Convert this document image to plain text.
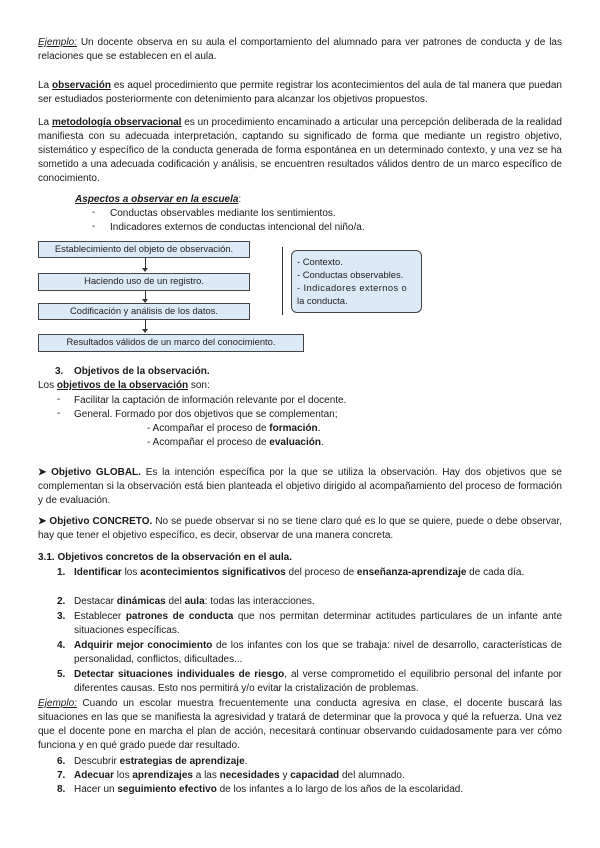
Ejemplo: Un docente observa en su aula el comportamiento del alumnado para ver patrones de conducta y de las relaciones que se establecen en el aula.

La observación es aquel procedimiento que permite registrar los acontecimientos del aula de tal manera que puedan ser estudiados posteriormente con detenimiento para alcanzar los objetivos propuestos.

La metodología observacional es un procedimiento encaminado a articular una percepción deliberada de la realidad manifiesta con su adecuada interpretación, captando su significado de forma que mediante un registro objetivo, sistemático y específico de la conducta generada de forma espontánea en un determinado contexto, y una vez se ha sometido a una adecuada codificación y análisis, se encuentren resultados válidos dentro de un marco específico de conocimiento.

Aspectos a observar en la escuela:

- Conductas observables mediante los sentimientos.

- Indicadores externos de conductas intencional del niño/a.

Establecimiento del objeto de observación.
Haciendo uso de un registro.
Codificación y análisis de los datos.
Resultados válidos de un marco del conocimiento.
- Contexto.
- Conductas observables.
- Indicadores externos o
la conducta.
3. Objetivos de la observación.

Los objetivos de la observación son:

- Facilitar la captación de información relevante por el docente.

- General. Formado por dos objetivos que se complementan;

- Acompañar el proceso de formación.

- Acompañar el proceso de evaluación.

➤ Objetivo GLOBAL. Es la intención específica por la que se utiliza la observación. Hay dos objetivos que se complementan si la observación está bien planteada el objetivo dirigido al acompañamiento del proceso de formación y de evaluación.

➤ Objetivo CONCRETO. No se puede observar si no se tiene claro qué es lo que se quiere, puede o debe observar, hay que tener el objetivo específico, es decir, observar de una manera concreta.

3.1. Objetivos concretos de la observación en el aula.

1. Identificar los acontecimientos significativos del proceso de enseñanza-aprendizaje de cada día.

2. Destacar dinámicas del aula: todas las interacciones.

3. Establecer patrones de conducta que nos permitan determinar actitudes particulares de un infante ante situaciones específicas.

4. Adquirir mejor conocimiento de los infantes con los que se trabaja: nivel de desarrollo, características de personalidad, conflictos, dificultades...

5. Detectar situaciones individuales de riesgo, al verse comprometido el equilibrio personal del infante por diferentes causas. Esto nos permitirá y/o evitar la cristalización de problemas.

Ejemplo: Cuando un escolar muestra frecuentemente una conducta agresiva en clase, el docente buscará las situaciones en las que se manifiesta la agresividad y tratará de determinar que la provoca y qué la refuerza. Una vez que el docente pone en marcha el plan de acción, necesitará continuar observando cuidadosamente para ver cómo funciona y en qué grado puede dar resultado.

6. Descubrir estrategias de aprendizaje.

7. Adecuar los aprendizajes a las necesidades y capacidad del alumnado.

8. Hacer un seguimiento efectivo de los infantes a lo largo de los años de la escolaridad.
